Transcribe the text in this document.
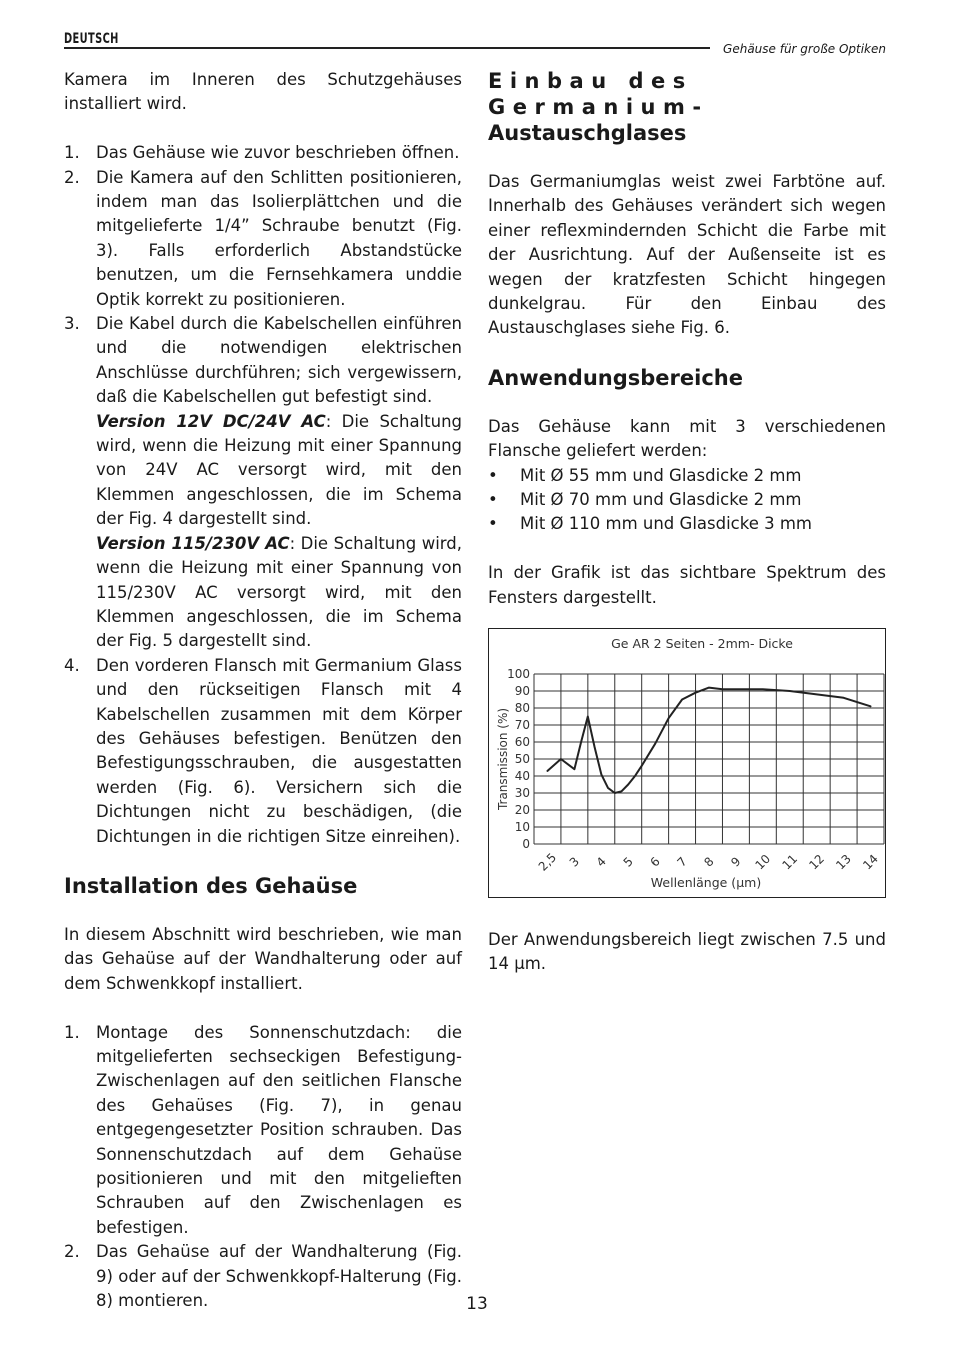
DEUTSCH
Gehäuse für große Optiken

Kamera im Inneren des Schutzgehäuses installiert wird.

1. Das Gehäuse wie zuvor beschrieben öffnen.
2. Die Kamera auf den Schlitten positionieren, indem man das Isolierplättchen und die mitgelieferte 1/4” Schraube benutzt (Fig. 3). Falls erforderlich Abstandstücke benutzen, um die Fernsehkamera unddie Optik korrekt zu positionieren.
3. Die Kabel durch die Kabelschellen einführen und die notwendigen elektrischen Anschlüsse durchführen; sich vergewissern, daß die Kabelschellen gut befestigt sind.
Version 12V DC/24V AC: Die Schaltung wird, wenn die Heizung mit einer Spannung von 24V AC versorgt wird, mit den Klemmen angeschlossen, die im Schema der Fig. 4 dargestellt sind.
Version 115/230V AC: Die Schaltung wird, wenn die Heizung mit einer Spannung von 115/230V AC versorgt wird, mit den Klemmen angeschlossen, die im Schema der Fig. 5 dargestellt sind.
4. Den vorderen Flansch mit Germanium Glass und den rückseitigen Flansch mit 4 Kabelschellen zusammen mit dem Körper des Gehäuses befestigen. Benützen den Befestigungsschrauben, die ausgestatten werden (Fig. 6). Versichern sich die Dichtungen nicht zu beschädigen, (die Dichtungen in die richtigen Sitze einreihen).
Installation des Gehaüse

In diesem Abschnitt wird beschrieben, wie man das Gehaüse auf der Wandhalterung oder auf dem Schwenkkopf installiert.

1. Montage des Sonnenschutzdach: die mitgelieferten sechseckigen Befestigung-Zwischenlagen auf den seitlichen Flansche des Gehaüses (Fig. 7), in genau entgegengesetzter Position schrauben. Das Sonnenschutzdach auf dem Gehaüse positionieren und mit den mitgelieften Schrauben auf den Zwischenlagen es befestigen.
2. Das Gehaüse auf der Wandhalterung (Fig. 9) oder auf der Schwenkkopf-Halterung (Fig. 8) montieren.
Einbau des Germanium-
Austauschglases

Das Germaniumglas weist zwei Farbtöne auf. Innerhalb des Gehäuses verändert sich wegen einer reflexmindernden Schicht die Farbe mit der Ausrichtung. Auf der Außenseite ist es wegen der kratzfesten Schicht hingegen dunkelgrau. Für den Einbau des Austauschglases siehe Fig. 6.

Anwendungsbereiche

Das Gehäuse kann mit 3 verschiedenen Flansche geliefert werden:

• Mit Ø 55 mm und Glasdicke 2 mm
• Mit Ø 70 mm und Glasdicke 2 mm
• Mit Ø 110 mm und Glasdicke 3 mm

In der Grafik ist das sichtbare Spektrum des Fensters dargestellt.

0
10
20
30
40
50
60
70
80
90
100
2,5 3 4 5 6 7 8 9 10 11 12 13 14
Ge AR 2 Seiten - 2mm- Dicke
Wellenlänge (µm)
Transmission (%)

Der Anwendungsbereich liegt zwischen 7.5 und 14 µm.

13
